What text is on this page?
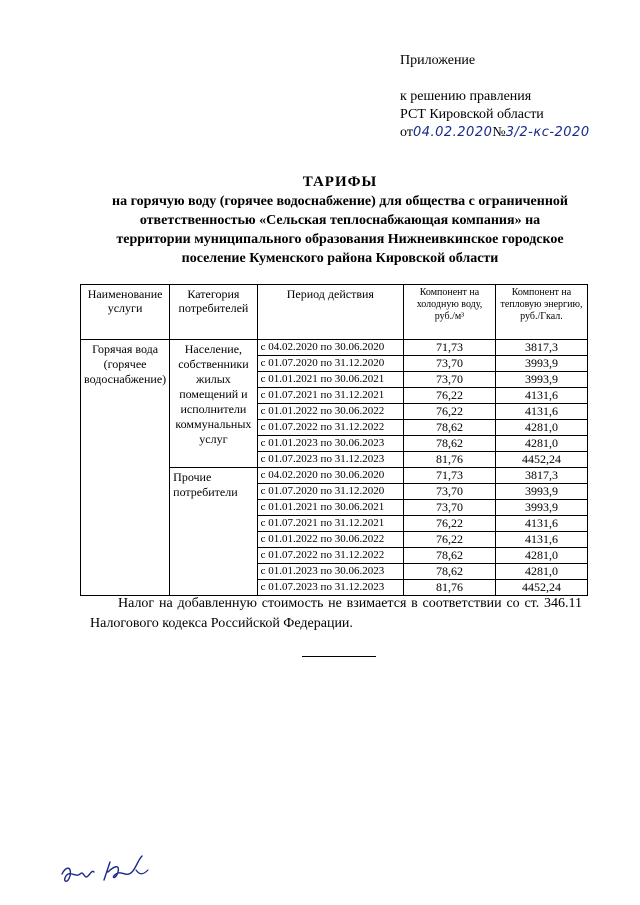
Приложение
к решению правления
РСТ Кировской области
от04.02.2020№3/2-кс-2020
ТАРИФЫ
на горячую воду (горячее водоснабжение) для общества с ограниченной
ответственностью «Сельская теплоснабжающая компания» на
территории муниципального образования Нижнеивкинское городское
поселение Куменского района Кировской области
Наименование услуги	Категория потребителей	Период действия	Компонент на холодную воду, руб./м³	Компонент на тепловую энергию, руб./Гкал.
Горячая вода (горячее водоснабжение)	Население, собственники жилых помещений и исполнители коммунальных услуг	с 04.02.2020 по 30.06.2020	71,73	3817,3
		с 01.07.2020 по 31.12.2020	73,70	3993,9
		с 01.01.2021 по 30.06.2021	73,70	3993,9
		с 01.07.2021 по 31.12.2021	76,22	4131,6
		с 01.01.2022 по 30.06.2022	76,22	4131,6
		с 01.07.2022 по 31.12.2022	78,62	4281,0
		с 01.01.2023 по 30.06.2023	78,62	4281,0
		с 01.07.2023 по 31.12.2023	81,76	4452,24
	Прочие потребители	с 04.02.2020 по 30.06.2020	71,73	3817,3
		с 01.07.2020 по 31.12.2020	73,70	3993,9
		с 01.01.2021 по 30.06.2021	73,70	3993,9
		с 01.07.2021 по 31.12.2021	76,22	4131,6
		с 01.01.2022 по 30.06.2022	76,22	4131,6
		с 01.07.2022 по 31.12.2022	78,62	4281,0
		с 01.01.2023 по 30.06.2023	78,62	4281,0
		с 01.07.2023 по 31.12.2023	81,76	4452,24
Налог на добавленную стоимость не взимается в соответствии со ст. 346.11 Налогового кодекса Российской Федерации.
